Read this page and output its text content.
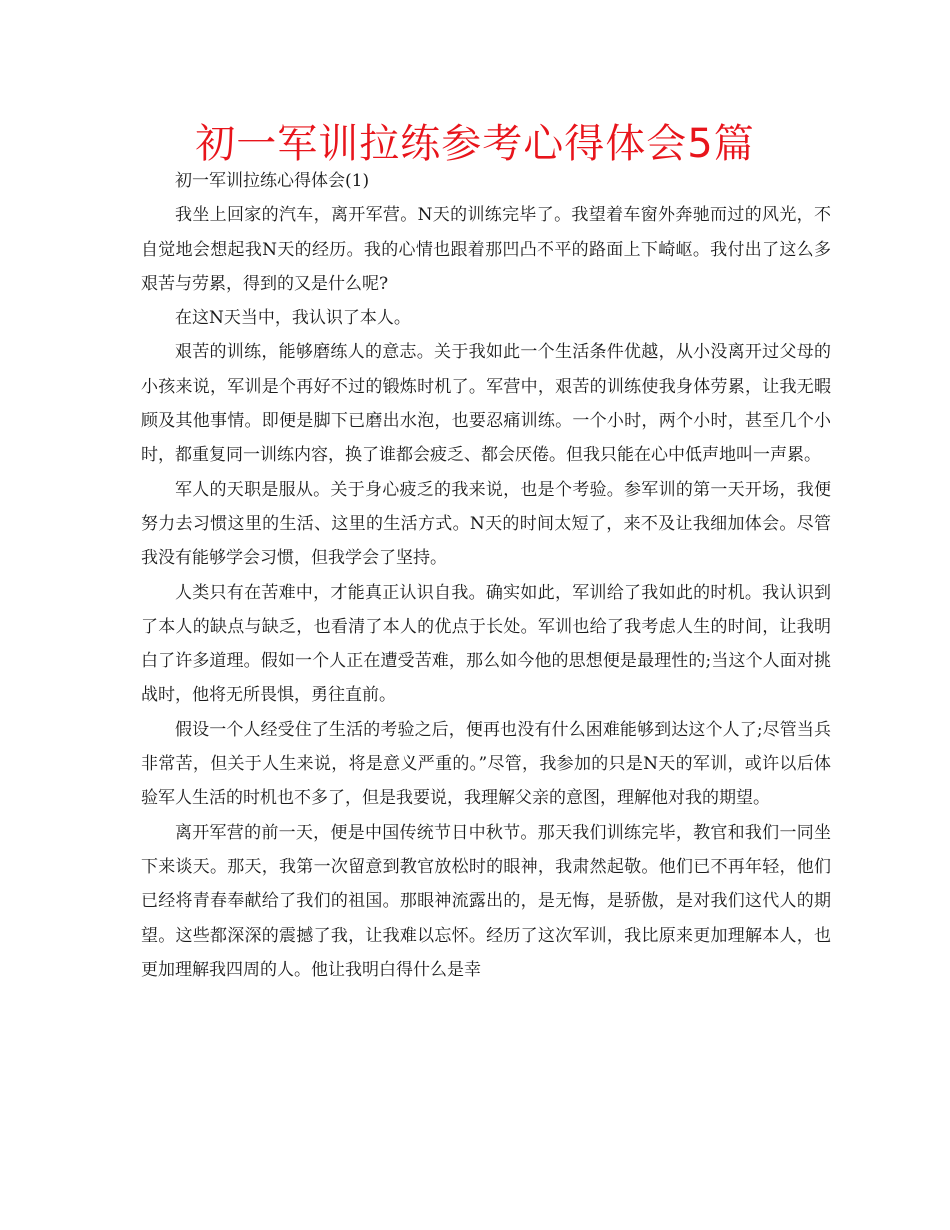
初一军训拉练参考心得体会5篇

初一军训拉练心得体会(1)

我坐上回家的汽车，离开军营。N天的训练完毕了。我望着车窗外奔驰而过的风光，不自觉地会想起我N天的经历。我的心情也跟着那凹凸不平的路面上下崎岖。我付出了这么多艰苦与劳累，得到的又是什么呢?

在这N天当中，我认识了本人。

艰苦的训练，能够磨练人的意志。关于我如此一个生活条件优越，从小没离开过父母的小孩来说，军训是个再好不过的锻炼时机了。军营中，艰苦的训练使我身体劳累，让我无暇顾及其他事情。即便是脚下已磨出水泡，也要忍痛训练。一个小时，两个小时，甚至几个小时，都重复同一训练内容，换了谁都会疲乏、都会厌倦。但我只能在心中低声地叫一声累。

军人的天职是服从。关于身心疲乏的我来说，也是个考验。参军训的第一天开场，我便努力去习惯这里的生活、这里的生活方式。N天的时间太短了，来不及让我细加体会。尽管我没有能够学会习惯，但我学会了坚持。

人类只有在苦难中，才能真正认识自我。确实如此，军训给了我如此的时机。我认识到了本人的缺点与缺乏，也看清了本人的优点于长处。军训也给了我考虑人生的时间，让我明白了许多道理。假如一个人正在遭受苦难，那么如今他的思想便是最理性的;当这个人面对挑战时，他将无所畏惧，勇往直前。

假设一个人经受住了生活的考验之后，便再也没有什么困难能够到达这个人了;尽管当兵非常苦，但关于人生来说，将是意义严重的。”尽管，我参加的只是N天的军训，或许以后体验军人生活的时机也不多了，但是我要说，我理解父亲的意图，理解他对我的期望。

离开军营的前一天，便是中国传统节日中秋节。那天我们训练完毕，教官和我们一同坐下来谈天。那天，我第一次留意到教官放松时的眼神，我肃然起敬。他们已不再年轻，他们已经将青春奉献给了我们的祖国。那眼神流露出的，是无悔，是骄傲，是对我们这代人的期望。这些都深深的震撼了我，让我难以忘怀。经历了这次军训，我比原来更加理解本人，也更加理解我四周的人。他让我明白得什么是幸
